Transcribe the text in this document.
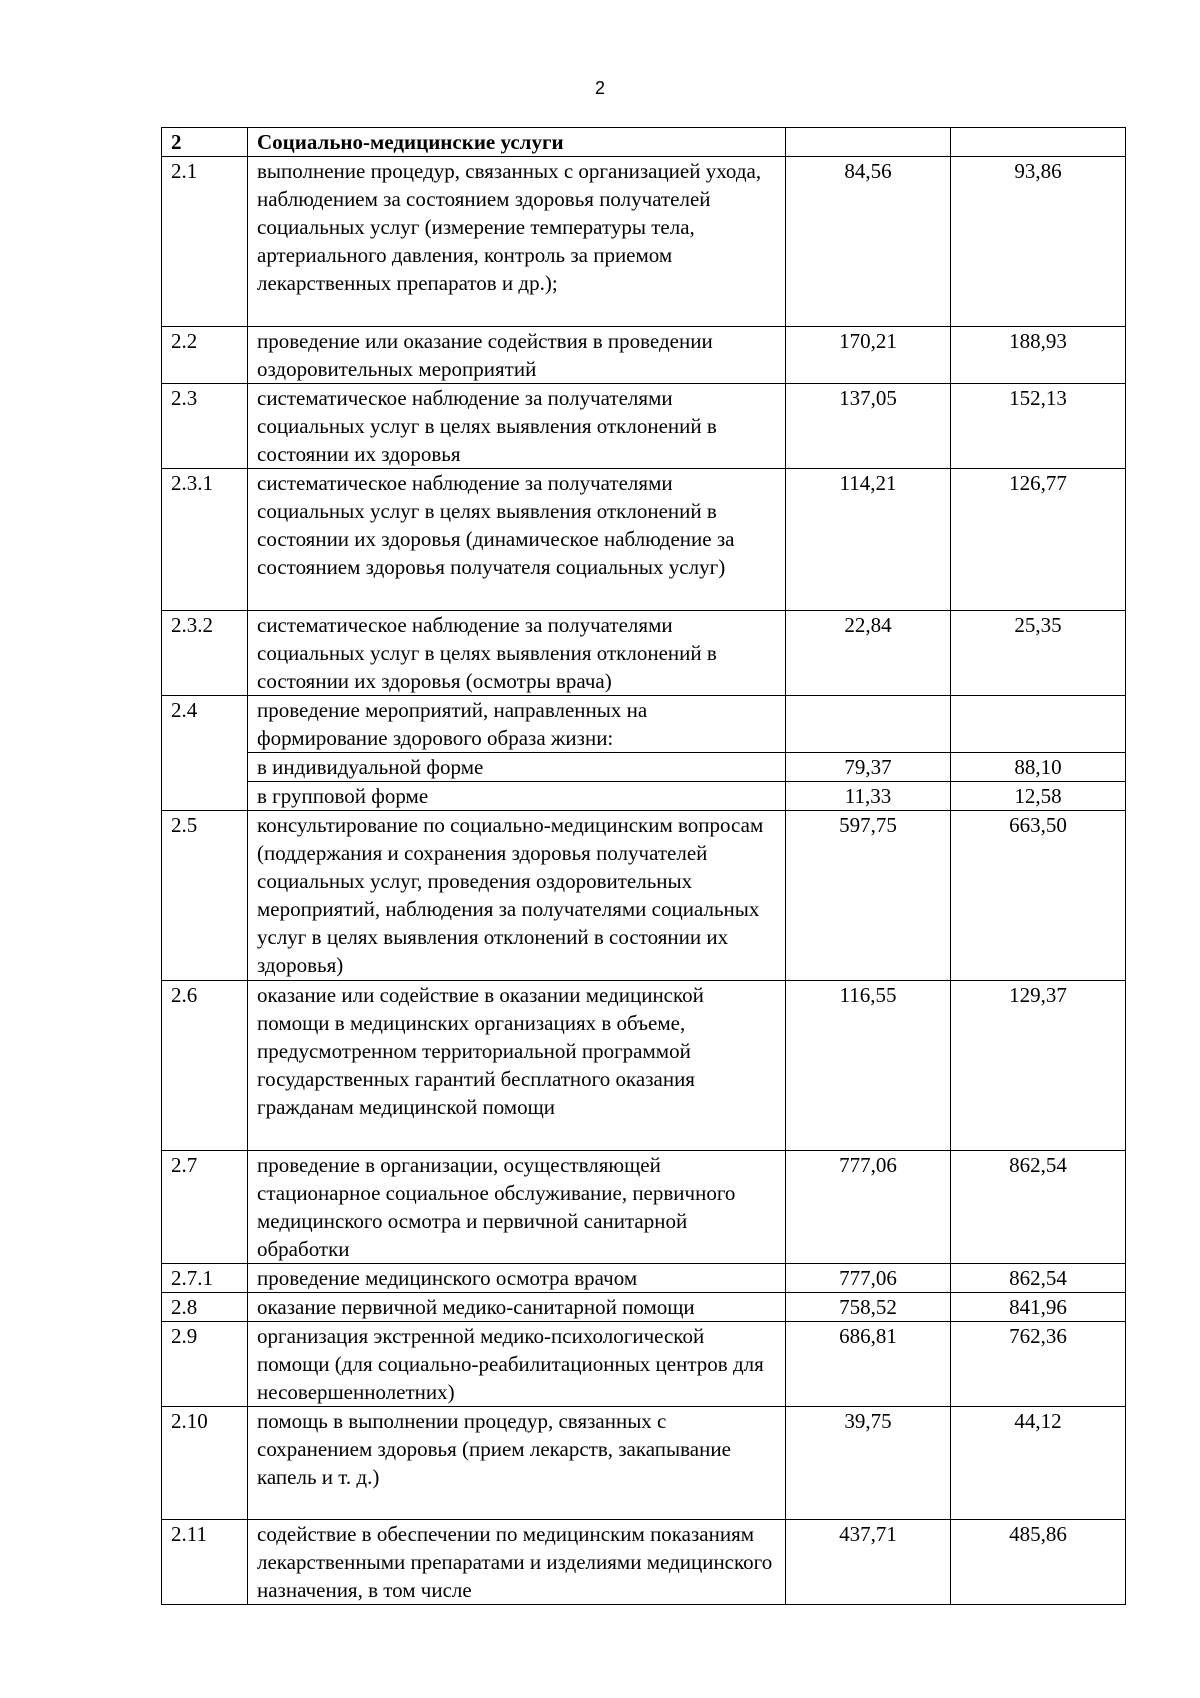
2
2	Социально-медицинские услуги		
2.1	выполнение процедур, связанных с организацией ухода, наблюдением за состоянием здоровья получателей социальных услуг (измерение температуры тела, артериального давления, контроль за приемом лекарственных препаратов и др.);	84,56	93,86
2.2	проведение или оказание содействия в проведении оздоровительных мероприятий	170,21	188,93
2.3	систематическое наблюдение за получателями социальных услуг в целях выявления отклонений в состоянии их здоровья	137,05	152,13
2.3.1	систематическое наблюдение за получателями социальных услуг в целях выявления отклонений в состоянии их здоровья (динамическое наблюдение за состоянием здоровья получателя социальных услуг)	114,21	126,77
2.3.2	систематическое наблюдение за получателями социальных услуг в целях выявления отклонений в состоянии их здоровья (осмотры врача)	22,84	25,35
2.4	проведение мероприятий, направленных на формирование здорового образа жизни:		
	в индивидуальной форме	79,37	88,10
	в групповой форме	11,33	12,58
2.5	консультирование по социально-медицинским вопросам (поддержания и сохранения здоровья получателей социальных услуг, проведения оздоровительных мероприятий, наблюдения за получателями социальных услуг в целях выявления отклонений в состоянии их здоровья)	597,75	663,50
2.6	оказание или содействие в оказании медицинской помощи в медицинских организациях в объеме, предусмотренном территориальной программой государственных гарантий бесплатного оказания гражданам медицинской помощи	116,55	129,37
2.7	проведение в организации, осуществляющей стационарное социальное обслуживание, первичного медицинского осмотра и первичной санитарной обработки	777,06	862,54
2.7.1	проведение медицинского осмотра врачом	777,06	862,54
2.8	оказание первичной медико-санитарной помощи	758,52	841,96
2.9	организация экстренной медико-психологической помощи (для социально-реабилитационных центров для несовершеннолетних)	686,81	762,36
2.10	помощь в выполнении процедур, связанных с сохранением здоровья (прием лекарств, закапывание капель и т. д.)	39,75	44,12
2.11	содействие в обеспечении по медицинским показаниям лекарственными препаратами и изделиями медицинского назначения, в том числе	437,71	485,86
